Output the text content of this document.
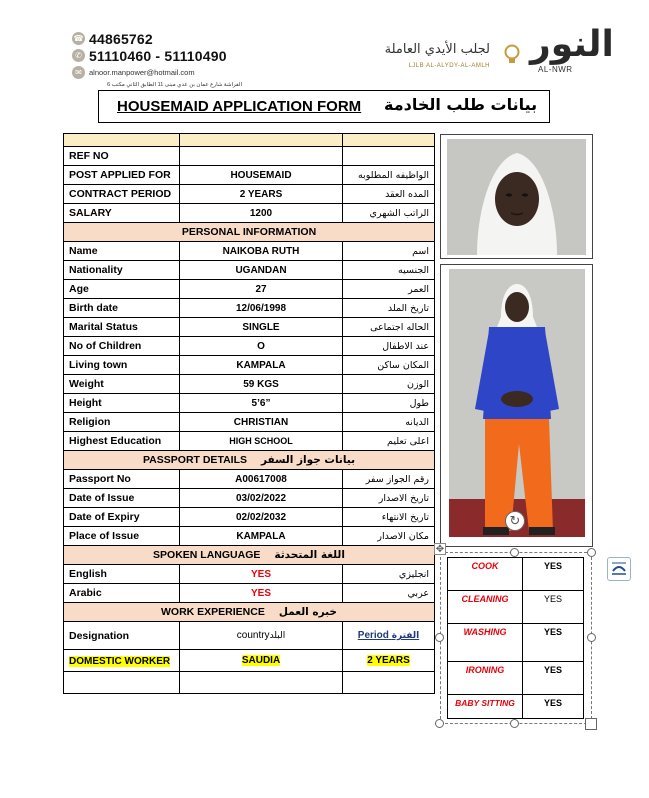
☎ 44865762
✆ 51110460 - 51110490
✉ alnoor.manpower@hotmail.com
الفراشة شارع عمان بن عدي مبنى 11 الطابق الثاني مكتب 6
لجلب الأيدي العاملة
LJLB AL-ALYDY-AL-AMLH
النور
AL-NWR
HOUSEMAID APPLICATION FORM بيانات طلب الخادمة

REF NO		
POST APPLIED FOR	HOUSEMAID	الواظيفه المطلوبه
CONTRACT PERIOD	2 YEARS	المده العقد
SALARY	1200	الراتب الشهري
PERSONAL INFORMATION		
Name	NAIKOBA RUTH	اسم
Nationality	UGANDAN	الجنسيه
Age	27	العمر
Birth date	12/06/1998	تاريخ الملد
Marital Status	SINGLE	الحاله اجتماعى
No of Children	O	عند الاطفال
Living town	KAMPALA	المكان ساكن
Weight	59 KGS	الوزن
Height	5’6”	طول
Religion	CHRISTIAN	الديانه
Highest Education	HIGH SCHOOL	اعلى تعليم
PASSPORT DETAILS بيانات جواز السفر		
Passport No	A00617008	رقم الجواز سفر
Date of Issue	03/02/2022	تاريخ الاصدار
Date of Expiry	02/02/2032	تاريخ الانتهاء
Place of Issue	KAMPALA	مكان الاصدار
SPOKEN LANGUAGE اللغة المتحدثة		
English	YES	انجليزي
Arabic	YES	عربي
WORK EXPERIENCE خبره العمل		
Designation	countryالبلد	Period الفترة
DOMESTIC WORKER	SAUDIA	2 YEARS

↻
✥
COOK	YES
CLEANING	YES
WASHING	YES
IRONING	YES
BABY SITTING	YES
